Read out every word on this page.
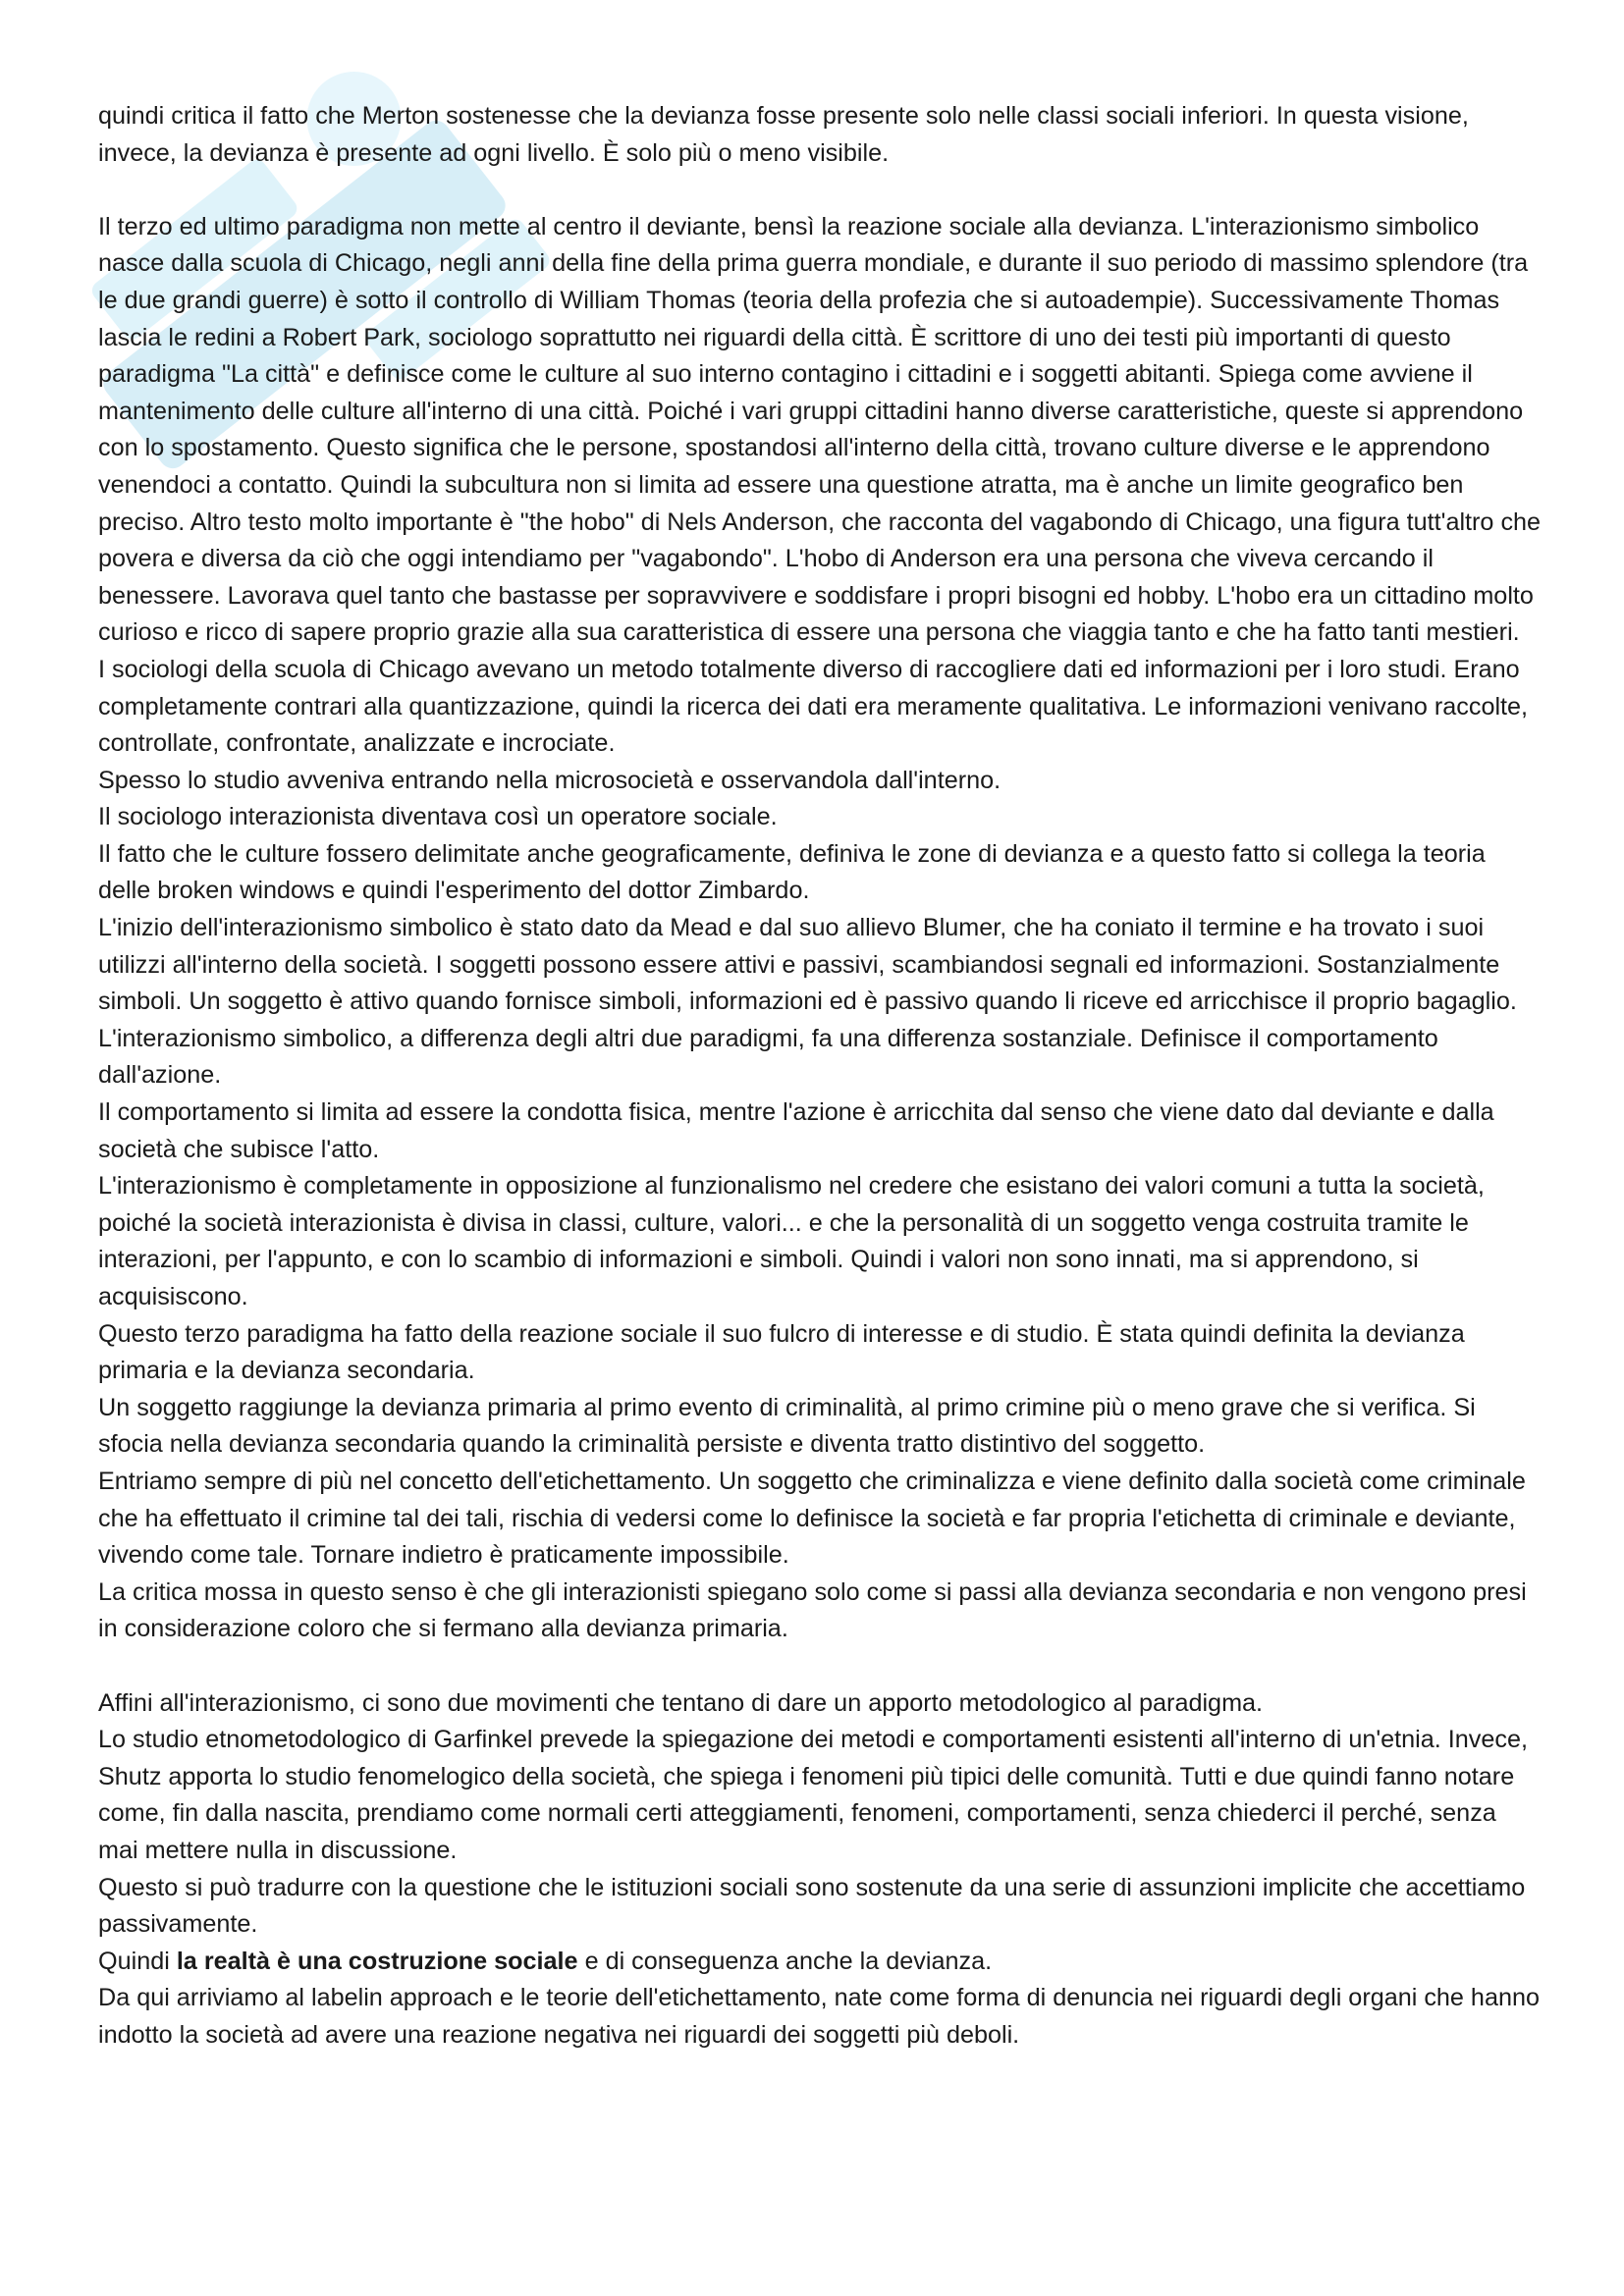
quindi critica il fatto che Merton sostenesse che la devianza fosse presente solo nelle classi sociali inferiori. In questa visione, invece, la devianza è presente ad ogni livello. È solo più o meno visibile.

Il terzo ed ultimo paradigma non mette al centro il deviante, bensì la reazione sociale alla devianza. L'interazionismo simbolico nasce dalla scuola di Chicago, negli anni della fine della prima guerra mondiale, e durante il suo periodo di massimo splendore (tra le due grandi guerre) è sotto il controllo di William Thomas (teoria della profezia che si autoadempie). Successivamente Thomas lascia le redini a Robert Park, sociologo soprattutto nei riguardi della città. È scrittore di uno dei testi più importanti di questo paradigma "La città" e definisce come le culture al suo interno contagino i cittadini e i soggetti abitanti. Spiega come avviene il mantenimento delle culture all'interno di una città. Poiché i vari gruppi cittadini hanno diverse caratteristiche, queste si apprendono con lo spostamento. Questo significa che le persone, spostandosi all'interno della città, trovano culture diverse e le apprendono venendoci a contatto. Quindi la subcultura non si limita ad essere una questione atratta, ma è anche un limite geografico ben preciso. Altro testo molto importante è "the hobo" di Nels Anderson, che racconta del vagabondo di Chicago, una figura tutt'altro che povera e diversa da ciò che oggi intendiamo per "vagabondo". L'hobo di Anderson era una persona che viveva cercando il benessere. Lavorava quel tanto che bastasse per sopravvivere e soddisfare i propri bisogni ed hobby. L'hobo era un cittadino molto curioso e ricco di sapere proprio grazie alla sua caratteristica di essere una persona che viaggia tanto e che ha fatto tanti mestieri.

I sociologi della scuola di Chicago avevano un metodo totalmente diverso di raccogliere dati ed informazioni per i loro studi. Erano completamente contrari alla quantizzazione, quindi la ricerca dei dati era meramente qualitativa. Le informazioni venivano raccolte, controllate, confrontate, analizzate e incrociate.

Spesso lo studio avveniva entrando nella microsocietà e osservandola dall'interno.

Il sociologo interazionista diventava così un operatore sociale.

Il fatto che le culture fossero delimitate anche geograficamente, definiva le zone di devianza e a questo fatto si collega la teoria delle broken windows e quindi l'esperimento del dottor Zimbardo.

L'inizio dell'interazionismo simbolico è stato dato da Mead e dal suo allievo Blumer, che ha coniato il termine e ha trovato i suoi utilizzi all'interno della società. I soggetti possono essere attivi e passivi, scambiandosi segnali ed informazioni. Sostanzialmente simboli. Un soggetto è attivo quando fornisce simboli, informazioni ed è passivo quando li riceve ed arricchisce il proprio bagaglio.

L'interazionismo simbolico, a differenza degli altri due paradigmi, fa una differenza sostanziale. Definisce il comportamento dall'azione.

Il comportamento si limita ad essere la condotta fisica, mentre l'azione è arricchita dal senso che viene dato dal deviante e dalla società che subisce l'atto.

L'interazionismo è completamente in opposizione al funzionalismo nel credere che esistano dei valori comuni a tutta la società, poiché la società interazionista è divisa in classi, culture, valori... e che la personalità di un soggetto venga costruita tramite le interazioni, per l'appunto, e con lo scambio di informazioni e simboli. Quindi i valori non sono innati, ma si apprendono, si acquisiscono.

Questo terzo paradigma ha fatto della reazione sociale il suo fulcro di interesse e di studio. È stata quindi definita la devianza primaria e la devianza secondaria.

Un soggetto raggiunge la devianza primaria al primo evento di criminalità, al primo crimine più o meno grave che si verifica. Si sfocia nella devianza secondaria quando la criminalità persiste e diventa tratto distintivo del soggetto.

Entriamo sempre di più nel concetto dell'etichettamento. Un soggetto che criminalizza e viene definito dalla società come criminale che ha effettuato il crimine tal dei tali, rischia di vedersi come lo definisce la società e far propria l'etichetta di criminale e deviante, vivendo come tale. Tornare indietro è praticamente impossibile.

La critica mossa in questo senso è che gli interazionisti spiegano solo come si passi alla devianza secondaria e non vengono presi in considerazione coloro che si fermano alla devianza primaria.

Affini all'interazionismo, ci sono due movimenti che tentano di dare un apporto metodologico al paradigma.

Lo studio etnometodologico di Garfinkel prevede la spiegazione dei metodi e comportamenti esistenti all'interno di un'etnia. Invece, Shutz apporta lo studio fenomelogico della società, che spiega i fenomeni più tipici delle comunità. Tutti e due quindi fanno notare come, fin dalla nascita, prendiamo come normali certi atteggiamenti, fenomeni, comportamenti, senza chiederci il perché, senza mai mettere nulla in discussione.

Questo si può tradurre con la questione che le istituzioni sociali sono sostenute da una serie di assunzioni implicite che accettiamo passivamente.

Quindi la realtà è una costruzione sociale e di conseguenza anche la devianza.

Da qui arriviamo al labelin approach e le teorie dell'etichettamento, nate come forma di denuncia nei riguardi degli organi che hanno indotto la società ad avere una reazione negativa nei riguardi dei soggetti più deboli.
